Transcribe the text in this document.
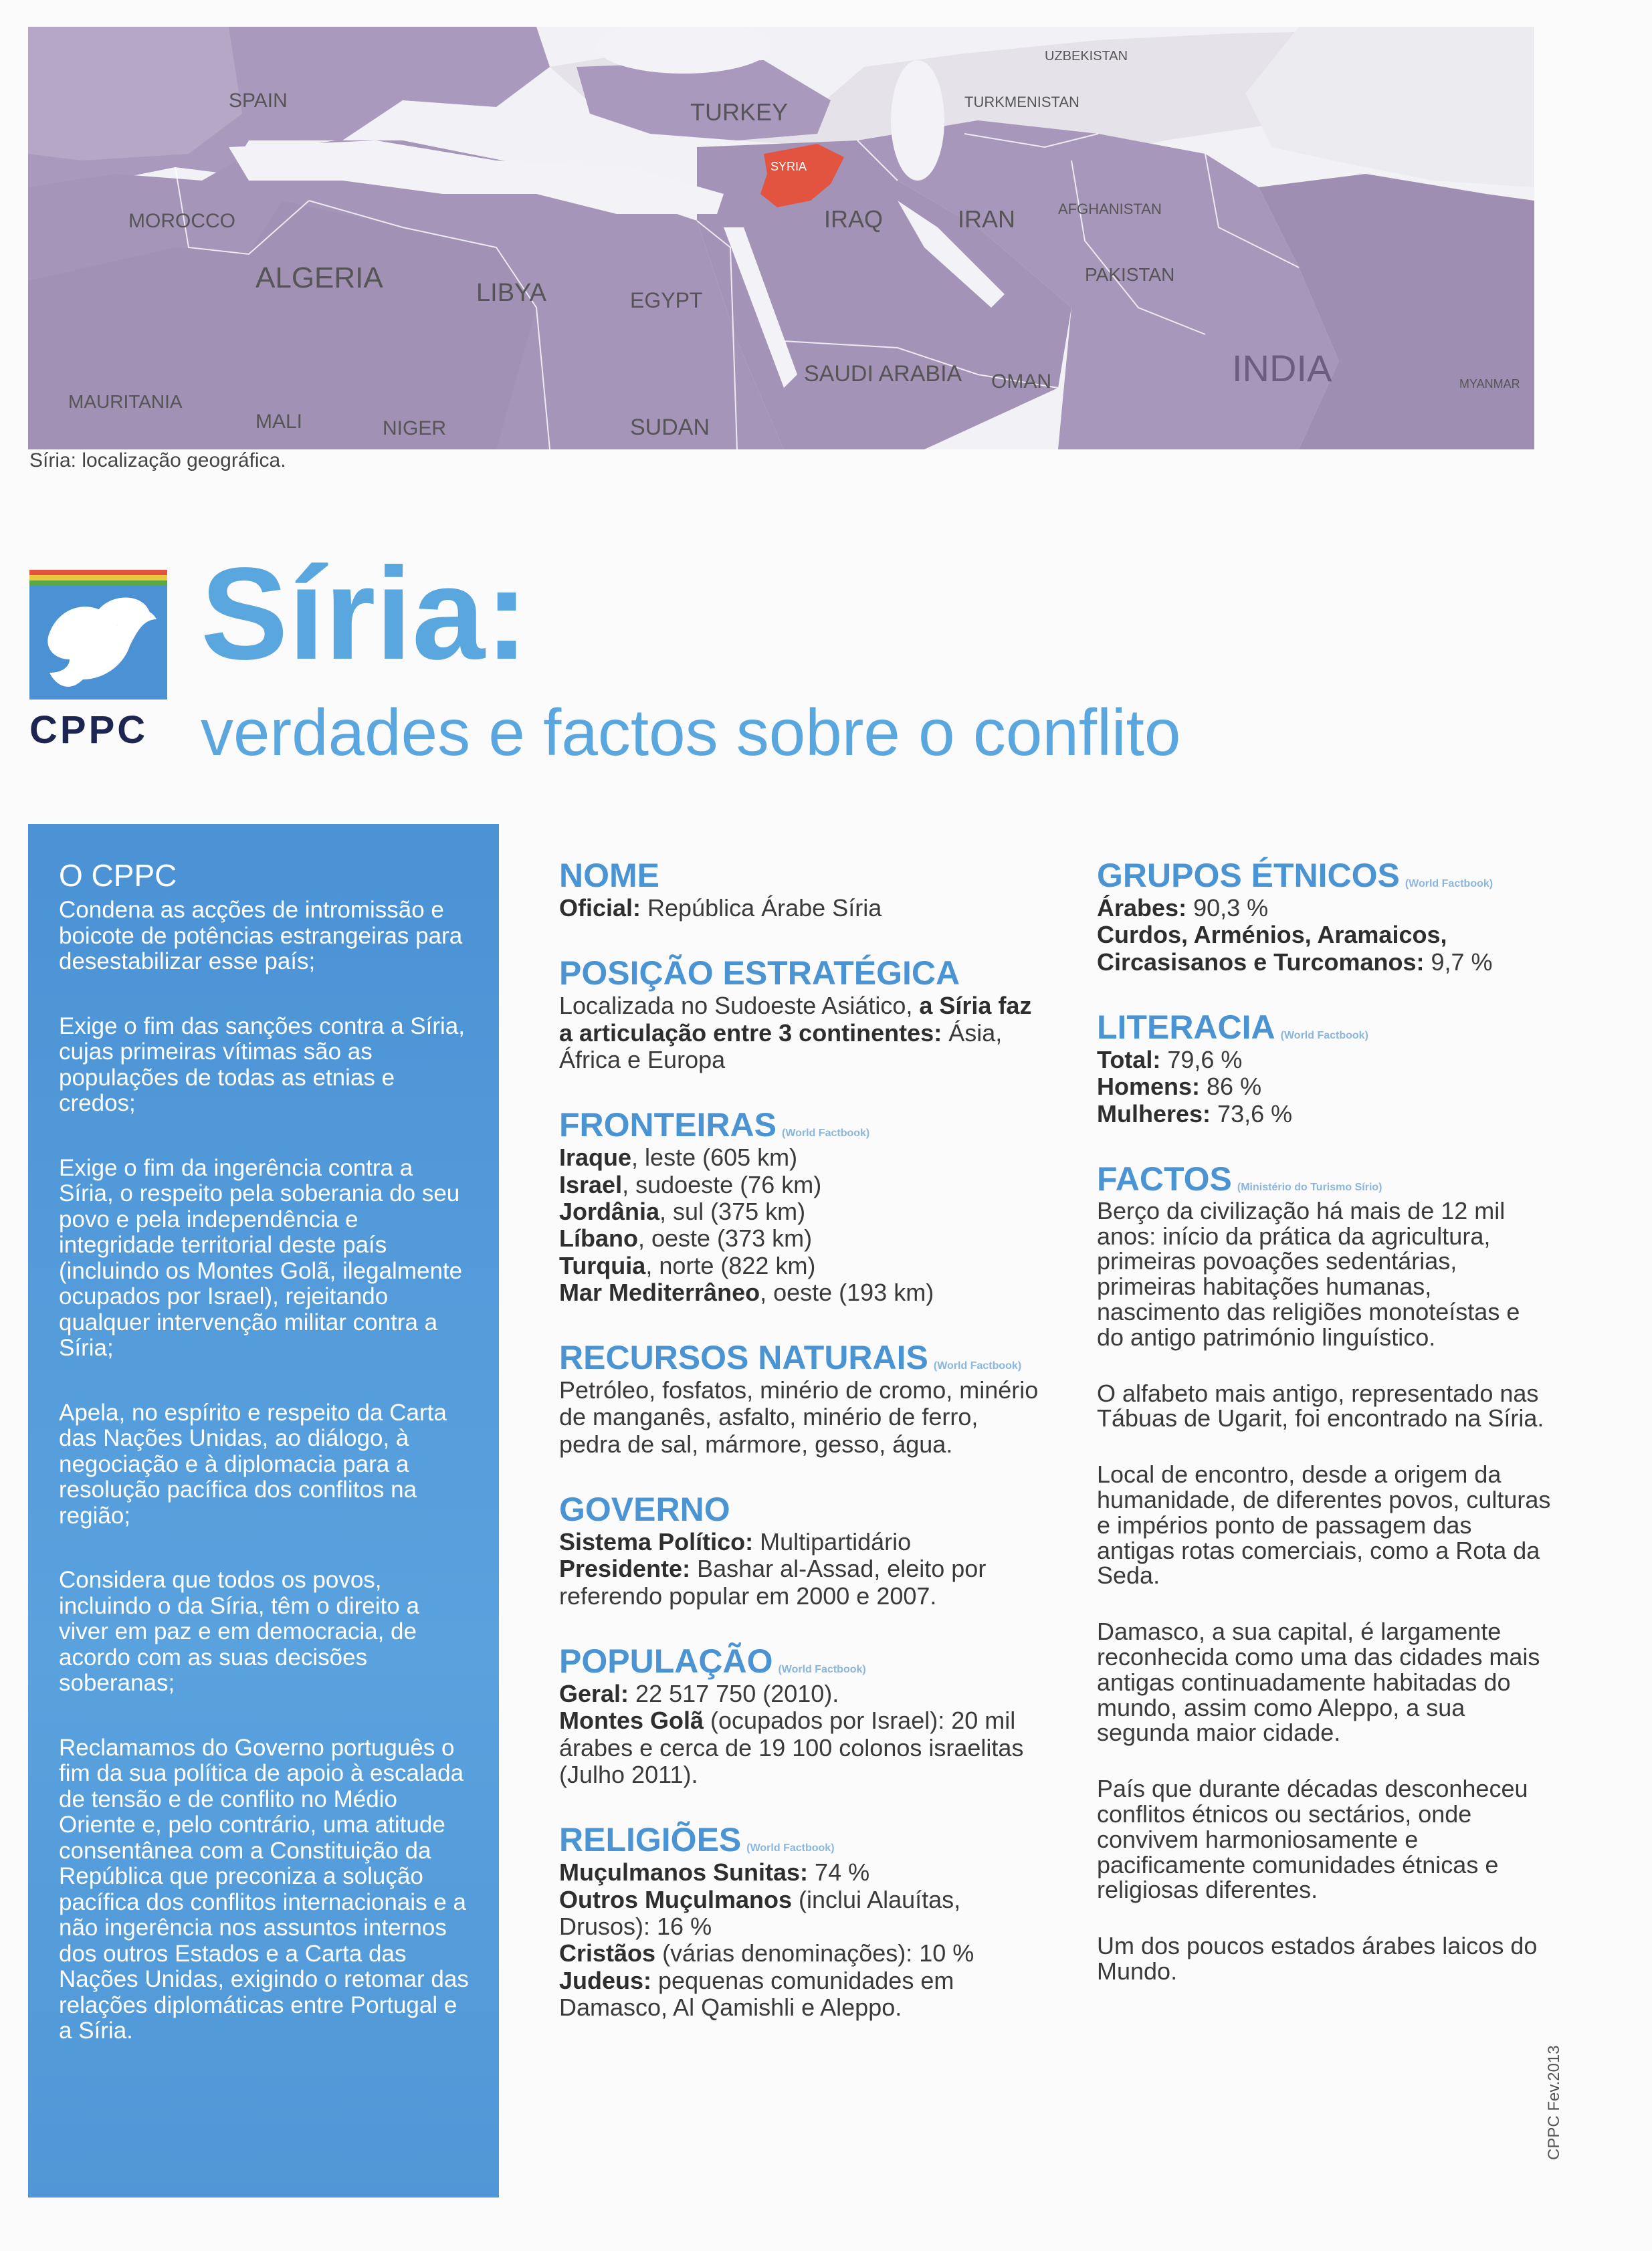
SPAIN
MOROCCO
ALGERIA	LIBYA	EGYPT
TURKEY
IRAQ	IRAN
SAUDI ARABIA OMAN
AFGHANISTAN
PAKISTAN
INDIA
TURKMENISTAN
UZBEKISTAN
MAURITANIA
MALI	NIGER	SUDAN
MYANMAR
SYRIA
Síria: localização geográfica.
CPPC
Síria:
verdades e factos sobre o conflito
O CPPC

Condena as acções de intromissão e boicote de potências estrangeiras para desestabilizar esse país;

Exige o fim das sanções contra a Síria, cujas primeiras vítimas são as populações de todas as etnias e credos;

Exige o fim da ingerência contra a Síria, o respeito pela soberania do seu povo e pela independência e integridade territorial deste país (incluindo os Montes Golã, ilegalmente ocupados por Israel), rejeitando qualquer intervenção militar contra a Síria;

Apela, no espírito e respeito da Carta das Nações Unidas, ao diálogo, à negociação e à diplomacia para a resolução pacífica dos conflitos na região;

Considera que todos os povos, incluindo o da Síria, têm o direito a viver em paz e em democracia, de acordo com as suas decisões soberanas;

Reclamamos do Governo português o fim da sua política de apoio à escalada de tensão e de conflito no Médio Oriente e, pelo contrário, uma atitude consentânea com a Constituição da República que preconiza a solução pacífica dos conflitos internacionais e a não ingerência nos assuntos internos dos outros Estados e a Carta das Nações Unidas, exigindo o retomar das relações diplomáticas entre Portugal e a Síria.

NOME

Oficial: República Árabe Síria

POSIÇÃO ESTRATÉGICA

Localizada no Sudoeste Asiático, a Síria faz a articulação entre 3 continentes: Ásia, África e Europa

FRONTEIRAS (World Factbook)

Iraque, leste (605 km)

Israel, sudoeste (76 km)

Jordânia, sul (375 km)

Líbano, oeste (373 km)

Turquia, norte (822 km)

Mar Mediterrâneo, oeste (193 km)

RECURSOS NATURAIS (World Factbook)

Petróleo, fosfatos, minério de cromo, minério de manganês, asfalto, minério de ferro, pedra de sal, mármore, gesso, água.

GOVERNO

Sistema Político: Multipartidário

Presidente: Bashar al-Assad, eleito por referendo popular em 2000 e 2007.

POPULAÇÃO (World Factbook)

Geral: 22 517 750 (2010).

Montes Golã (ocupados por Israel): 20 mil árabes e cerca de 19 100 colonos israelitas (Julho 2011).

RELIGIÕES (World Factbook)

Muçulmanos Sunitas: 74 %

Outros Muçulmanos (inclui Alauítas, Drusos): 16 %

Cristãos (várias denominações): 10 %

Judeus: pequenas comunidades em Damasco, Al Qamishli e Aleppo.

GRUPOS ÉTNICOS (World Factbook)

Árabes: 90,3 %

Curdos, Arménios, Aramaicos, Circasisanos e Turcomanos: 9,7 %

LITERACIA (World Factbook)

Total: 79,6 %

Homens: 86 %

Mulheres: 73,6 %

FACTOS (Ministério do Turismo Sírio)

Berço da civilização há mais de 12 mil anos: início da prática da agricultura, primeiras povoações sedentárias, primeiras habitações humanas, nascimento das religiões monoteístas e do antigo património linguístico.

O alfabeto mais antigo, representado nas Tábuas de Ugarit, foi encontrado na Síria.

Local de encontro, desde a origem da humanidade, de diferentes povos, culturas e impérios ponto de passagem das antigas rotas comerciais, como a Rota da Seda.

Damasco, a sua capital, é largamente reconhecida como uma das cidades mais antigas continuadamente habitadas do mundo, assim como Aleppo, a sua segunda maior cidade.

País que durante décadas desconheceu conflitos étnicos ou sectários, onde convivem harmoniosamente e pacificamente comunidades étnicas e religiosas diferentes.

Um dos poucos estados árabes laicos do Mundo.

CPPC Fev.2013
